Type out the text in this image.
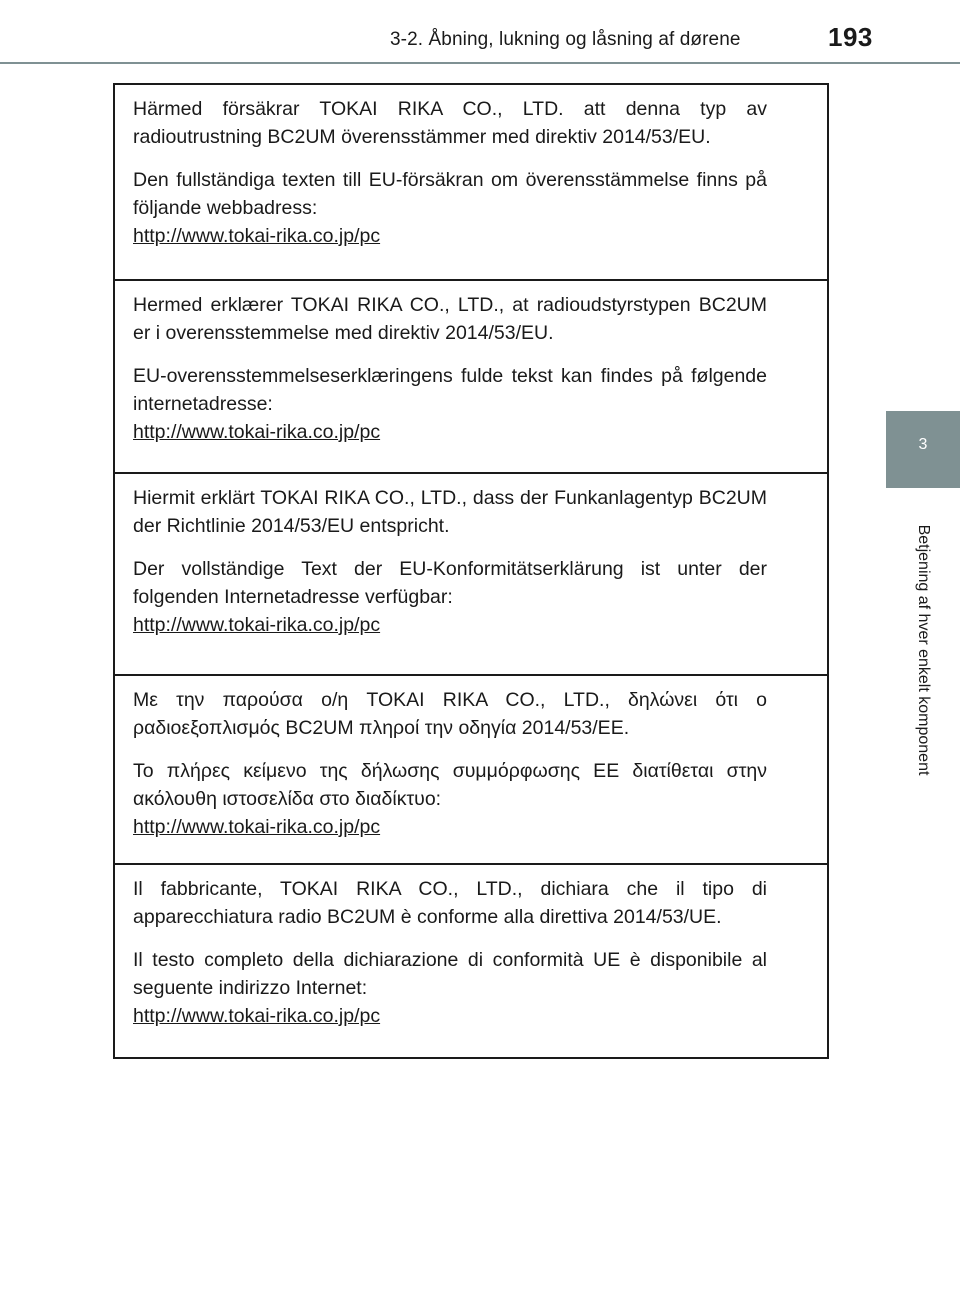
3-2. Åbning, lukning og låsning af dørene	193
3
Betjening af hver enkelt komponent

Härmed försäkrar TOKAI RIKA CO., LTD. att denna typ av radioutrustning BC2UM överensstämmer med direktiv 2014/53/EU.

Den fullständiga texten till EU-försäkran om överensstämmelse finns på följande webbadress:

http://www.tokai-rika.co.jp/pc

Hermed erklærer TOKAI RIKA CO., LTD., at radioudstyrstypen BC2UM er i overensstemmelse med direktiv 2014/53/EU.

EU-overensstemmelseserklæringens fulde tekst kan findes på følgende internetadresse:

http://www.tokai-rika.co.jp/pc

Hiermit erklärt TOKAI RIKA CO., LTD., dass der Funkanlagentyp BC2UM der Richtlinie 2014/53/EU entspricht.

Der vollständige Text der EU-Konformitätserklärung ist unter der folgenden Internetadresse verfügbar:

http://www.tokai-rika.co.jp/pc

Με την παρούσα ο/η TOKAI RIKA CO., LTD., δηλώνει ότι ο ραδιοεξοπλισμός BC2UM πληροί την οδηγία 2014/53/ΕΕ.

Το πλήρες κείμενο της δήλωσης συμμόρφωσης ΕΕ διατίθεται στην ακόλουθη ιστοσελίδα στο διαδίκτυο:

http://www.tokai-rika.co.jp/pc

Il fabbricante, TOKAI RIKA CO., LTD., dichiara che il tipo di apparecchiatura radio BC2UM è conforme alla direttiva 2014/53/UE.

Il testo completo della dichiarazione di conformità UE è disponibile al seguente indirizzo Internet:

http://www.tokai-rika.co.jp/pc
